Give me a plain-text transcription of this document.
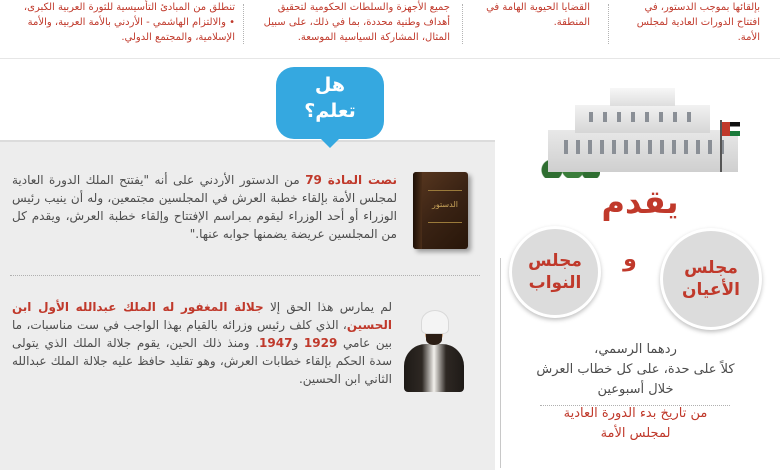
بإلقائها بموجب الدستور، في
افتتاح الدورات العادية لمجلس
الأمة.
القضايا الحيوية الهامة في
المنطقة.
جميع الأجهزة والسلطات الحكومية لتحقيق
أهداف وطنية محددة، بما في ذلك، على سبيل
المثال، المشاركة السياسية الموسعة.
تنطلق من المبادئ التأسيسية للثورة العربية الكبرى،
• والالتزام الهاشمي - الأردني بالأمة العربية، والأمة
الإسلامية، والمجتمع الدولي.
هل
تعلم؟
الدستور
نصت المادة 79 من الدستور الأردني على أنه "يفتتح الملك الدورة العادية لمجلس الأمة بإلقاء خطبة العرش في المجلسين مجتمعين، وله أن ينيب رئيس الوزراء أو أحد الوزراء ليقوم بمراسم الإفتتاح وإلقاء خطبة العرش، ويقدم كل من المجلسين عريضة يضمنها جوابه عنها."
لم يمارس هذا الحق إلا جلالة المغفور له الملك عبدالله الأول ابن الحسين، الذي كلف رئيس وزرائه بالقيام بهذا الواجب في ست مناسبات، ما بين عامي 1929 و1947. ومنذ ذلك الحين، يقوم جلالة الملك الذي يتولى سدة الحكم بإلقاء خطابات العرش، وهو تقليد حافظ عليه جلالة الملك عبدالله الثاني ابن الحسين.
يقدم
مجلس
الأعيان
و
مجلس
النواب
ردهما الرسمي،
كلاً على حدة، على كل خطاب العرش
خلال أسبوعين
من تاريخ بدء الدورة العادية
لمجلس الأمة
